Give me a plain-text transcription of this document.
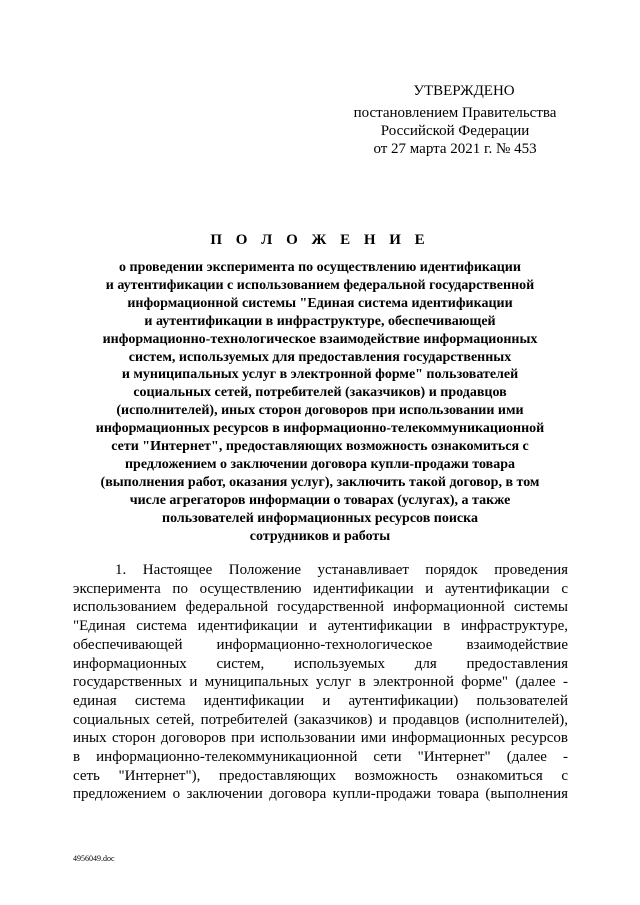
УТВЕРЖДЕНО
постановлением Правительства
Российской Федерации
от 27 марта 2021 г. № 453
П О Л О Ж Е Н И Е
о проведении эксперимента по осуществлению идентификации
и аутентификации с использованием федеральной государственной
информационной системы "Единая система идентификации
и аутентификации в инфраструктуре, обеспечивающей
информационно-технологическое взаимодействие информационных
систем, используемых для предоставления государственных
и муниципальных услуг в электронной форме" пользователей
социальных сетей, потребителей (заказчиков) и продавцов
(исполнителей), иных сторон договоров при использовании ими
информационных ресурсов в информационно-телекоммуникационной
сети "Интернет", предоставляющих возможность ознакомиться с
предложением о заключении договора купли-продажи товара
(выполнения работ, оказания услуг), заключить такой договор, в том
числе агрегаторов информации о товарах (услугах), а также
пользователей информационных ресурсов поиска
сотрудников и работы
1. Настоящее Положение устанавливает порядок проведения
эксперимента по осуществлению идентификации и аутентификации с
использованием федеральной государственной информационной системы
"Единая система идентификации и аутентификации в инфраструктуре,
обеспечивающей информационно-технологическое взаимодействие
информационных систем, используемых для предоставления
государственных и муниципальных услуг в электронной форме" (далее -
единая система идентификации и аутентификации) пользователей
социальных сетей, потребителей (заказчиков) и продавцов (исполнителей),
иных сторон договоров при использовании ими информационных ресурсов
в информационно-телекоммуникационной сети "Интернет" (далее -
сеть "Интернет"), предоставляющих возможность ознакомиться с
предложением о заключении договора купли-продажи товара (выполнения
4956049.doc
